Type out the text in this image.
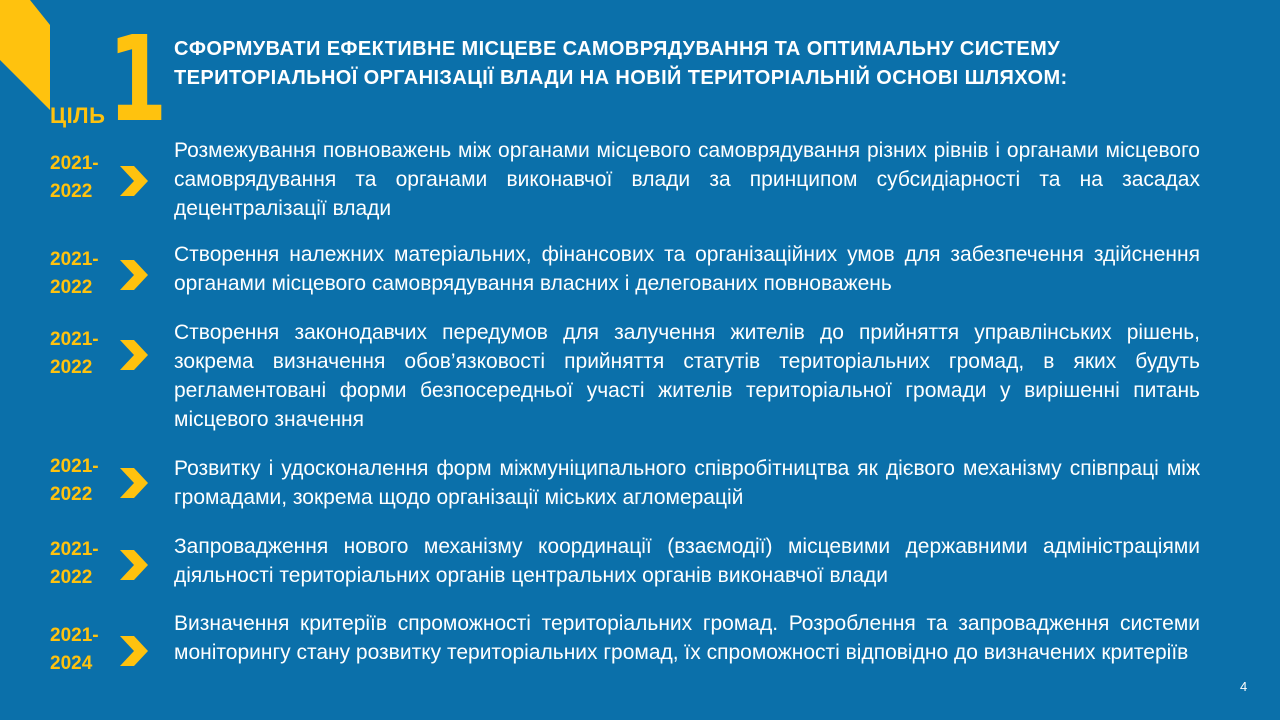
ЦІЛЬ 1 СФОРМУВАТИ ЕФЕКТИВНЕ МІСЦЕВЕ САМОВРЯДУВАННЯ ТА ОПТИМАЛЬНУ СИСТЕМУ ТЕРИТОРІАЛЬНОЇ ОРГАНІЗАЦІЇ ВЛАДИ НА НОВІЙ ТЕРИТОРІАЛЬНІЙ ОСНОВІ ШЛЯХОМ:
2021-
2022
Розмежування повноважень між органами місцевого самоврядування різних рівнів і органами місцевого самоврядування та органами виконавчої влади за принципом субсидіарності та на засадах децентралізації влади
2021-
2022
Створення належних матеріальних, фінансових та організаційних умов для забезпечення здійснення органами місцевого самоврядування власних і делегованих повноважень
2021-
2022
Створення законодавчих передумов для залучення жителів до прийняття управлінських рішень, зокрема визначення обов’язковості прийняття статутів територіальних громад, в яких будуть регламентовані форми безпосередньої участі жителів територіальної громади у вирішенні питань місцевого значення
2021-
2022
Розвитку і удосконалення форм міжмуніципального співробітництва як дієвого механізму співпраці між громадами, зокрема щодо організації міських агломерацій
2021-
2022
Запровадження нового механізму координації (взаємодії) місцевими державними адміністраціями діяльності територіальних органів центральних органів виконавчої влади
2021-
2024
Визначення критеріїв спроможності територіальних громад. Розроблення та запровадження системи моніторингу стану розвитку територіальних громад, їх спроможності відповідно до визначених критеріїв
4
